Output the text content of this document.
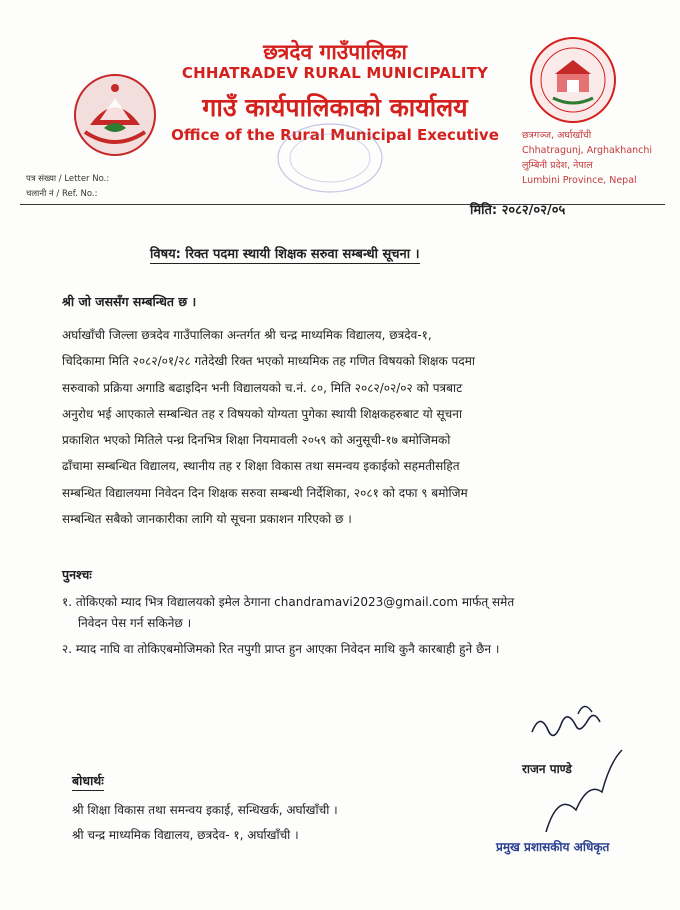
छत्रदेव गाउँपालिका
CHHATRADEV RURAL MUNICIPALITY
गाउँ कार्यपालिकाको कार्यालय
Office of the Rural Municipal Executive	छत्रगञ्ज, अर्घाखाँची
Chhatragunj, Arghakhanchi
लुम्बिनी प्रदेश, नेपाल
Lumbini Province, Nepal
पत्र संख्या / Letter No.:
चलानी नं / Ref. No.:
मिति: २०८२/०२/०५
विषय: रिक्त पदमा स्थायी शिक्षक सरुवा सम्बन्धी सूचना ।
श्री जो जससँग सम्बन्धित छ ।
अर्घाखाँची जिल्ला छत्रदेव गाउँपालिका अन्तर्गत श्री चन्द्र माध्यमिक विद्यालय, छत्रदेव-१,
चिदिकामा मिति २०८२/०१/२८ गतेदेखी रिक्त भएको माध्यमिक तह गणित विषयको शिक्षक पदमा
सरुवाको प्रक्रिया अगाडि बढाइदिन भनी विद्यालयको च.नं. ८०, मिति २०८२/०२/०२ को पत्रबाट
अनुरोध भई आएकाले सम्बन्धित तह र विषयको योग्यता पुगेका स्थायी शिक्षकहरुबाट यो सूचना
प्रकाशित भएको मितिले पन्ध्र दिनभित्र शिक्षा नियमावली २०५९ को अनुसूची-१७ बमोजिमको
ढाँचामा सम्बन्धित विद्यालय, स्थानीय तह र शिक्षा विकास तथा समन्वय इकाईको सहमतीसहित
सम्बन्धित विद्यालयमा निवेदन दिन शिक्षक सरुवा सम्बन्धी निर्देशिका, २०८१ को दफा ९ बमोजिम
सम्बन्धित सबैको जानकारीका लागि यो सूचना प्रकाशन गरिएको छ ।
पुनश्चः
१. तोकिएको म्याद भित्र विद्यालयको इमेल ठेगाना chandramavi2023@gmail.com मार्फत् समेत
निवेदन पेस गर्न सकिनेछ ।
२. म्याद नाघि वा तोकिएबमोजिमको रित नपुगी प्राप्त हुन आएका निवेदन माथि कुनै कारबाही हुने छैन ।
राजन पाण्डे
प्रमुख प्रशासकीय अधिकृत
बोधार्थः
श्री शिक्षा विकास तथा समन्वय इकाई, सन्धिखर्क, अर्घाखाँची ।
श्री चन्द्र माध्यमिक विद्यालय, छत्रदेव- १, अर्घाखाँची ।
